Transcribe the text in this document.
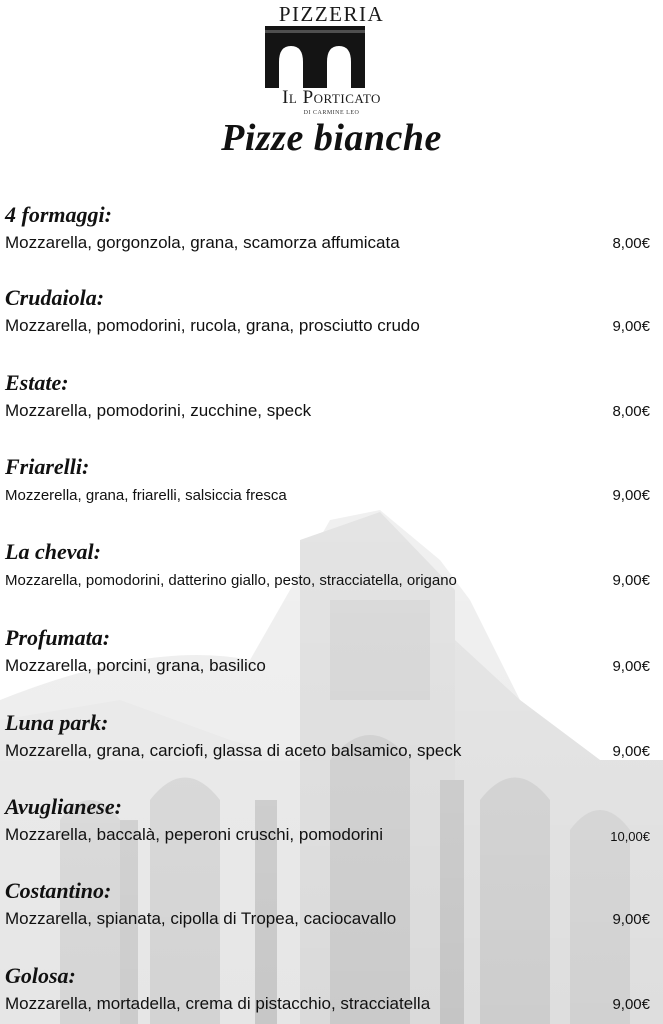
PIZZERIA
Il Porticato
DI CARMINE LEO
Pizze bianche
4 formaggi:
Mozzarella, gorgonzola, grana, scamorza affumicata	8,00€
Crudaiola:
Mozzarella, pomodorini, rucola, grana, prosciutto crudo	9,00€
Estate:
Mozzarella, pomodorini, zucchine, speck	8,00€
Friarelli:
Mozzerella, grana, friarelli, salsiccia fresca	9,00€
La cheval:
Mozzarella, pomodorini, datterino giallo, pesto, stracciatella, origano	9,00€
Profumata:
Mozzarella, porcini, grana, basilico	9,00€
Luna park:
Mozzarella, grana, carciofi, glassa di aceto balsamico, speck	9,00€
Avuglianese:
Mozzarella, baccalà, peperoni cruschi, pomodorini	10,00€
Costantino:
Mozzarella, spianata, cipolla di Tropea, caciocavallo	9,00€
Golosa:
Mozzarella, mortadella, crema di pistacchio, stracciatella	9,00€
